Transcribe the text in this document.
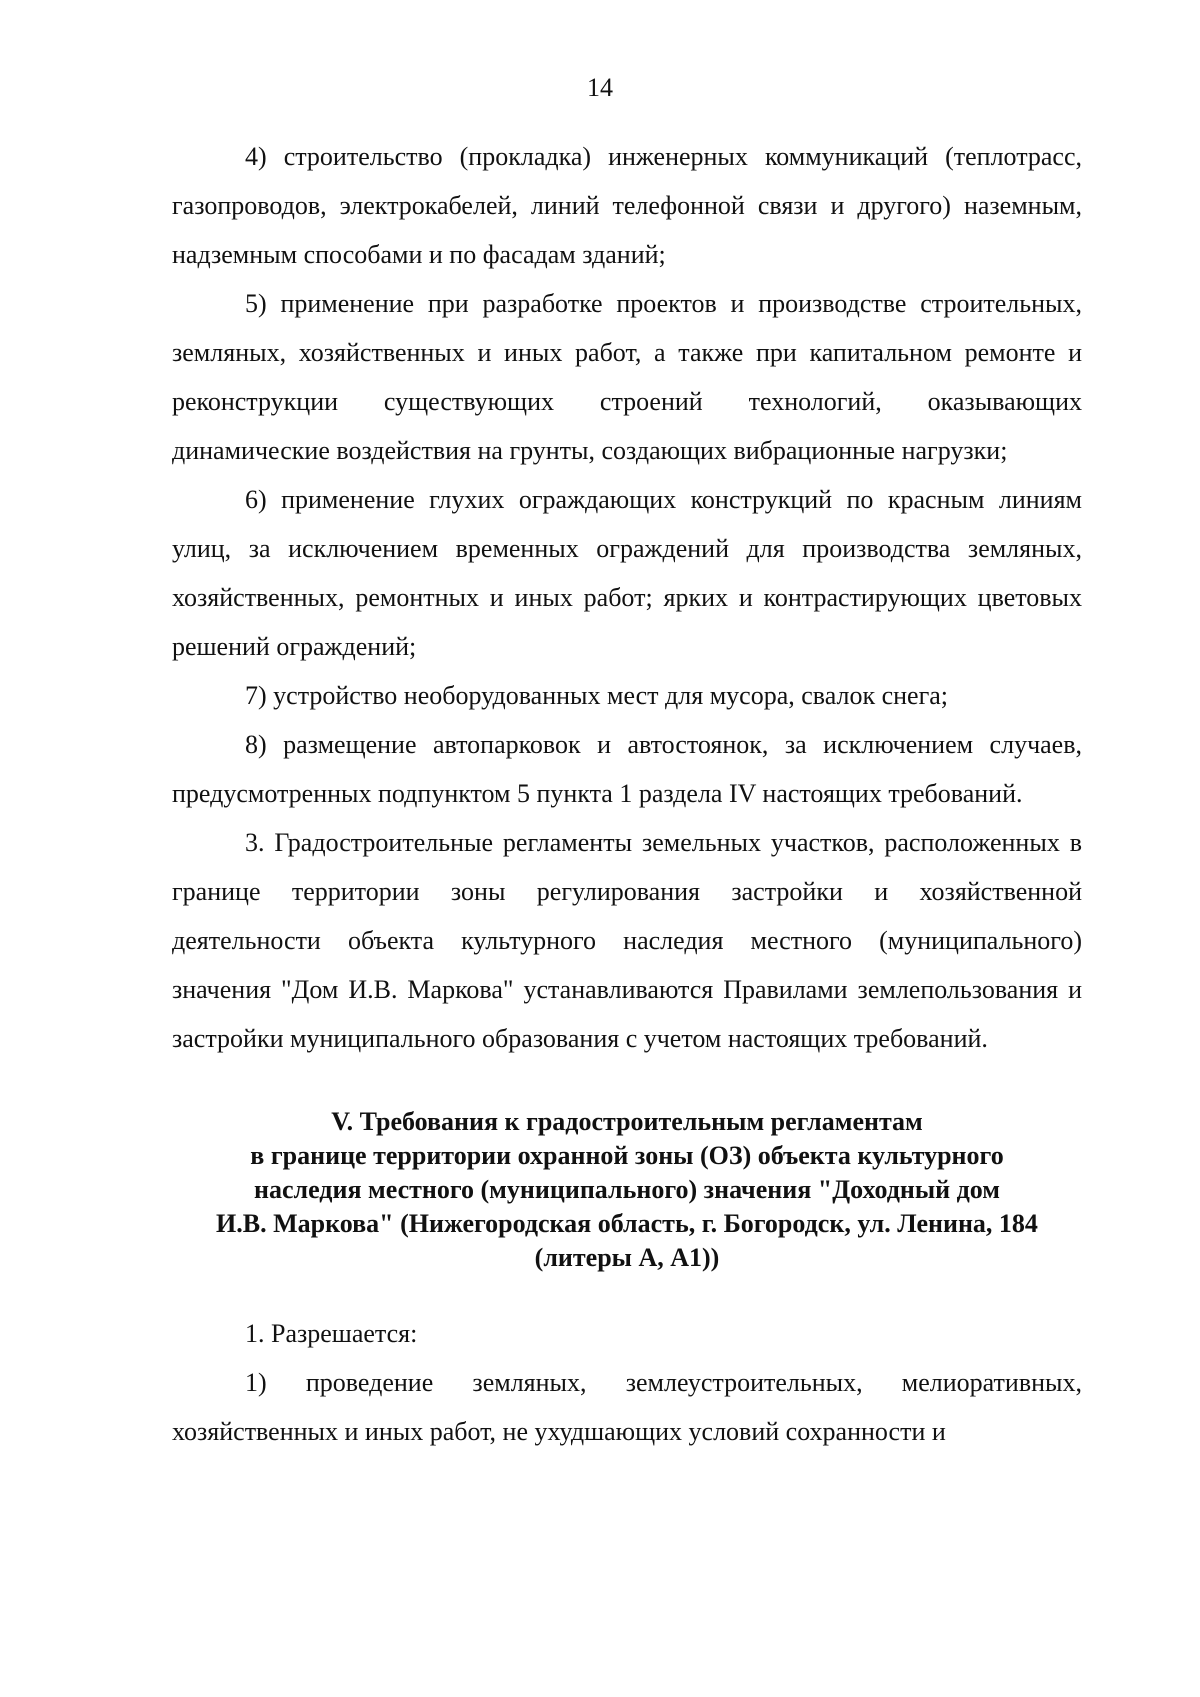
14

4) строительство (прокладка) инженерных коммуникаций (теплотрасс, газопроводов, электрокабелей, линий телефонной связи и другого) наземным, надземным способами и по фасадам зданий;

5) применение при разработке проектов и производстве строительных, земляных, хозяйственных и иных работ, а также при капитальном ремонте и реконструкции существующих строений технологий, оказывающих динамические воздействия на грунты, создающих вибрационные нагрузки;

6) применение глухих ограждающих конструкций по красным линиям улиц, за исключением временных ограждений для производства земляных, хозяйственных, ремонтных и иных работ; ярких и контрастирующих цветовых решений ограждений;

7) устройство необорудованных мест для мусора, свалок снега;

8) размещение автопарковок и автостоянок, за исключением случаев, предусмотренных подпунктом 5 пункта 1 раздела IV настоящих требований.

3. Градостроительные регламенты земельных участков, расположенных в границе территории зоны регулирования застройки и хозяйственной деятельности объекта культурного наследия местного (муниципального) значения "Дом И.В. Маркова" устанавливаются Правилами землепользования и застройки муниципального образования с учетом настоящих требований.

V. Требования к градостроительным регламентам
в границе территории охранной зоны (ОЗ) объекта культурного
наследия местного (муниципального) значения "Доходный дом
И.В. Маркова" (Нижегородская область, г. Богородск, ул. Ленина, 184
(литеры А, А1))

1. Разрешается:

1) проведение земляных, землеустроительных, мелиоративных, хозяйственных и иных работ, не ухудшающих условий сохранности и
